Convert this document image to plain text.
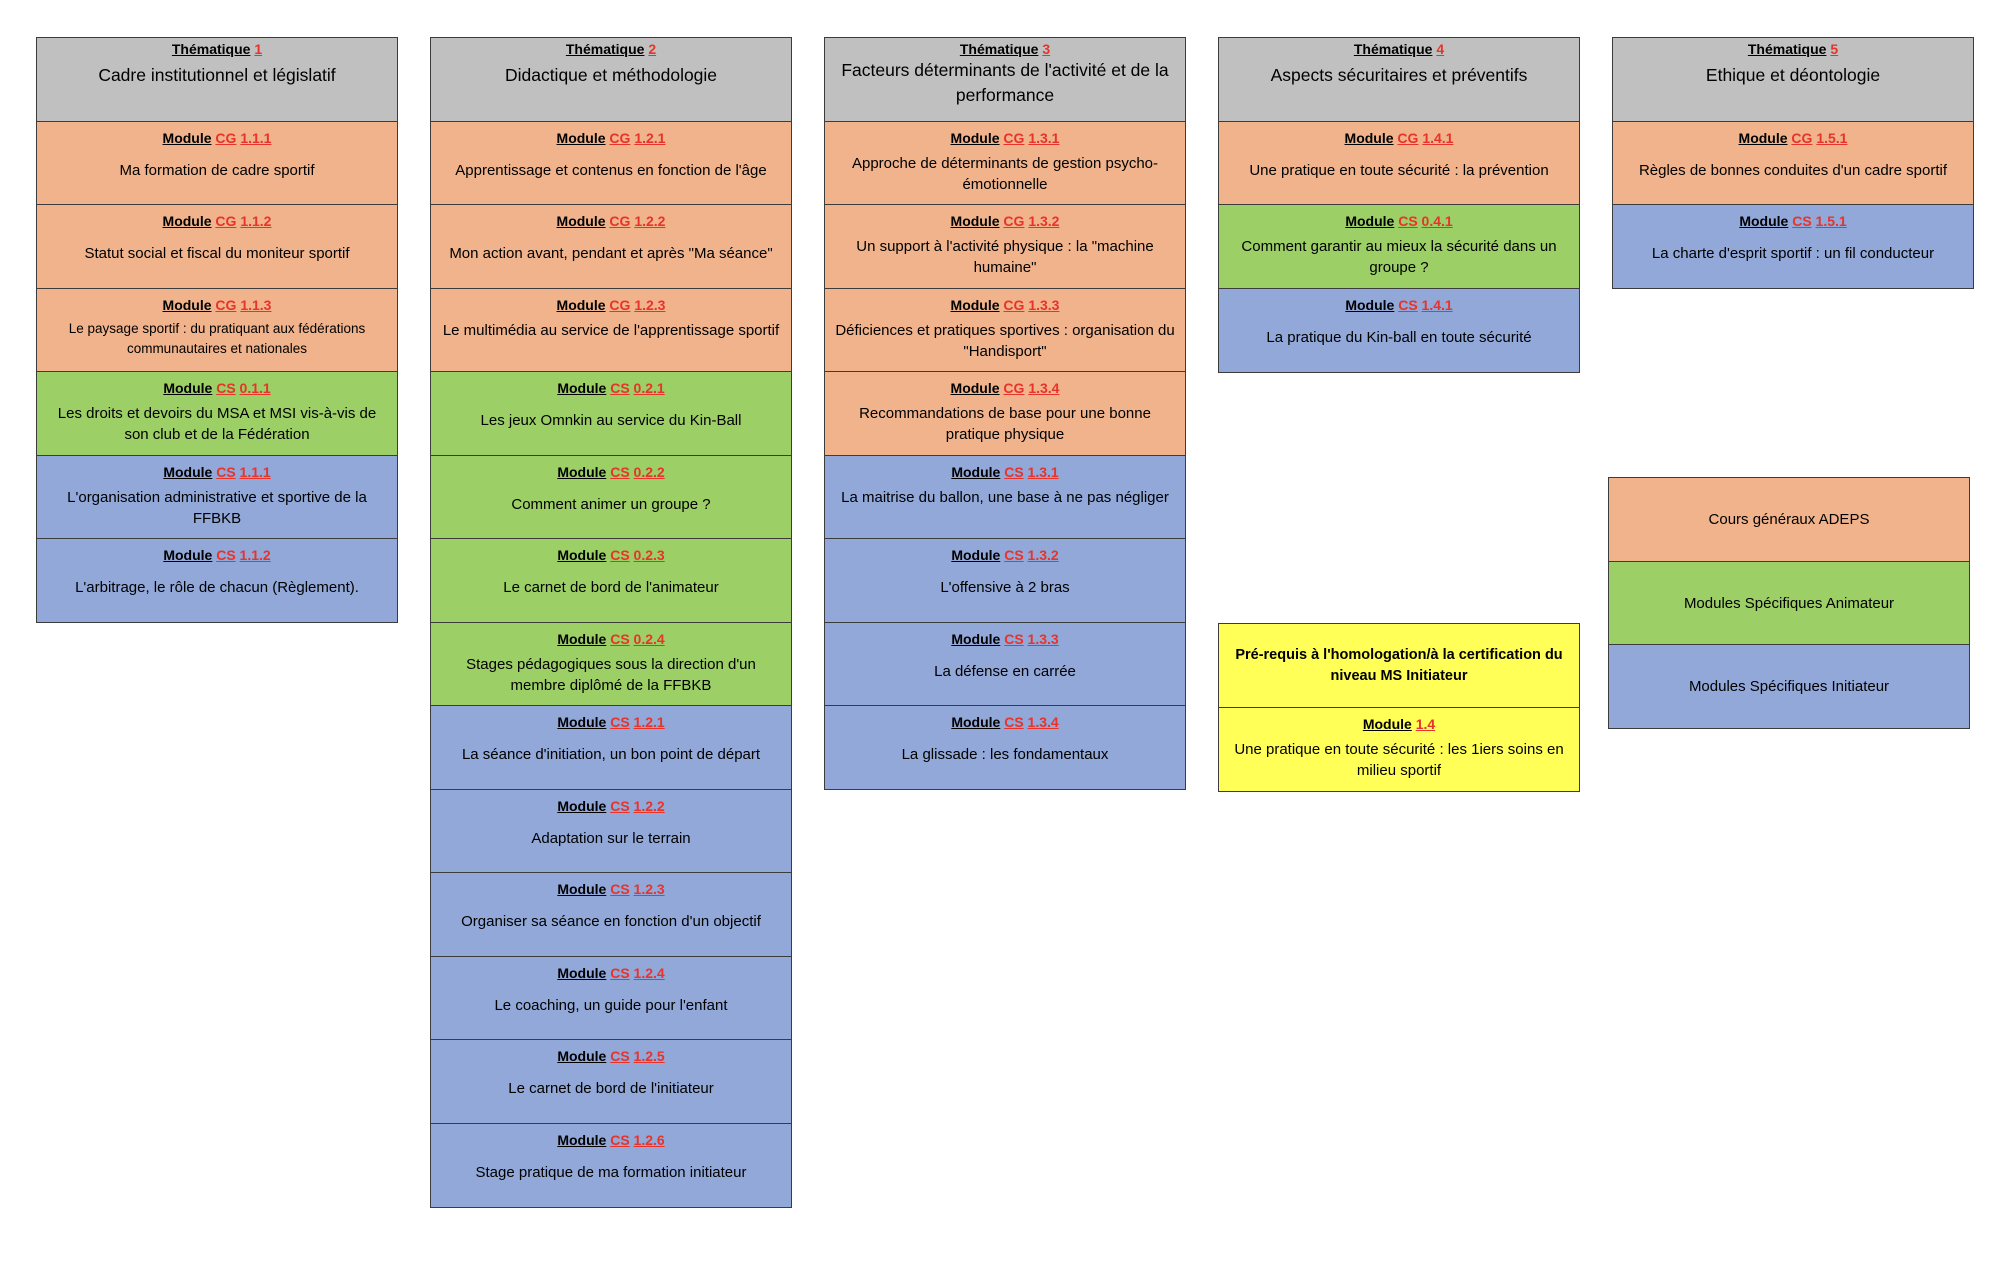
Thématique 1
Cadre institutionnel et législatif
Module CG 1.1.1
Ma formation de cadre sportif
Module CG 1.1.2
Statut social et fiscal du moniteur sportif
Module CG 1.1.3
Le paysage sportif : du pratiquant aux fédérations communautaires et nationales
Module CS 0.1.1
Les droits et devoirs du MSA et MSI vis-à-vis de son club et de la Fédération
Module CS 1.1.1
L'organisation administrative et sportive de la FFBKB
Module CS 1.1.2
L'arbitrage, le rôle de chacun (Règlement).
Thématique 2
Didactique et méthodologie
Module CG 1.2.1
Apprentissage et contenus en fonction de l'âge
Module CG 1.2.2
Mon action avant, pendant et après "Ma séance"
Module CG 1.2.3
Le multimédia au service de l'apprentissage sportif
Module CS 0.2.1
Les jeux Omnkin au service du Kin-Ball
Module CS 0.2.2
Comment animer un groupe ?
Module CS 0.2.3
Le carnet de bord de l'animateur
Module CS 0.2.4
Stages pédagogiques sous la direction d'un membre diplômé de la FFBKB
Module CS 1.2.1
La séance d'initiation, un bon point de départ
Module CS 1.2.2
Adaptation sur le terrain
Module CS 1.2.3
Organiser sa séance en fonction d'un objectif
Module CS 1.2.4
Le coaching, un guide pour l'enfant
Module CS 1.2.5
Le carnet de bord de l'initiateur
Module CS 1.2.6
Stage pratique de ma formation initiateur
Thématique 3
Facteurs déterminants de l'activité et de la performance
Module CG 1.3.1
Approche de déterminants de gestion psycho-émotionnelle
Module CG 1.3.2
Un support à l'activité physique : la "machine humaine"
Module CG 1.3.3
Déficiences et pratiques sportives : organisation du "Handisport"
Module CG 1.3.4
Recommandations de base pour une bonne pratique physique
Module CS 1.3.1
La maitrise du ballon, une base à ne pas négliger
Module CS 1.3.2
L'offensive à 2 bras
Module CS 1.3.3
La défense en carrée
Module CS 1.3.4
La glissade : les fondamentaux
Thématique 4
Aspects sécuritaires et préventifs
Module CG 1.4.1
Une pratique en toute sécurité : la prévention
Module CS 0.4.1
Comment garantir au mieux la sécurité dans un groupe ?
Module CS 1.4.1
La pratique du Kin-ball en toute sécurité
Thématique 5
Ethique et déontologie
Module CG 1.5.1
Règles de bonnes conduites d'un cadre sportif
Module CS 1.5.1
La charte d'esprit sportif : un fil conducteur
Pré-requis à l'homologation/à la certification du niveau MS Initiateur
Module 1.4
Une pratique en toute sécurité : les 1iers soins en milieu sportif
Cours généraux ADEPS
Modules Spécifiques Animateur
Modules Spécifiques Initiateur
